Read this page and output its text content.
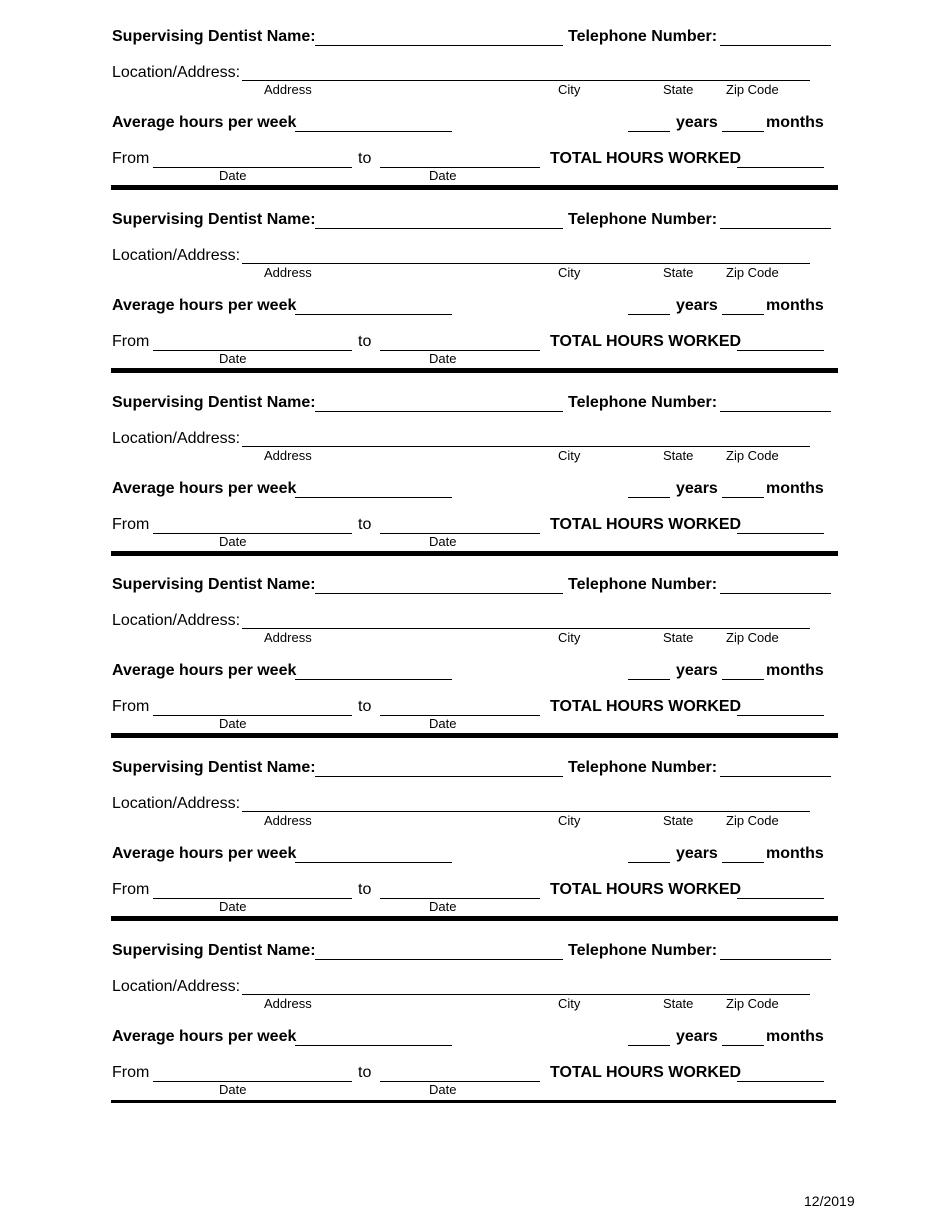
Supervising Dentist Name:	Telephone Number:
Location/Address:
Address	City	State	Zip Code
Average hours per week	years	months
From	to
Date	Date
TOTAL HOURS WORKED
Supervising Dentist Name:	Telephone Number:
Location/Address:
Address	City	State	Zip Code
Average hours per week	years	months
From	to
Date	Date
TOTAL HOURS WORKED
Supervising Dentist Name:	Telephone Number:
Location/Address:
Address	City	State	Zip Code
Average hours per week	years	months
From	to
Date	Date
TOTAL HOURS WORKED
Supervising Dentist Name:	Telephone Number:
Location/Address:
Address	City	State	Zip Code
Average hours per week	years	months
From	to
Date	Date
TOTAL HOURS WORKED
Supervising Dentist Name:	Telephone Number:
Location/Address:
Address	City	State	Zip Code
Average hours per week	years	months
From	to
Date	Date
TOTAL HOURS WORKED
Supervising Dentist Name:	Telephone Number:
Location/Address:
Address	City	State	Zip Code
Average hours per week	years	months
From	to
Date	Date
TOTAL HOURS WORKED
12/2019
